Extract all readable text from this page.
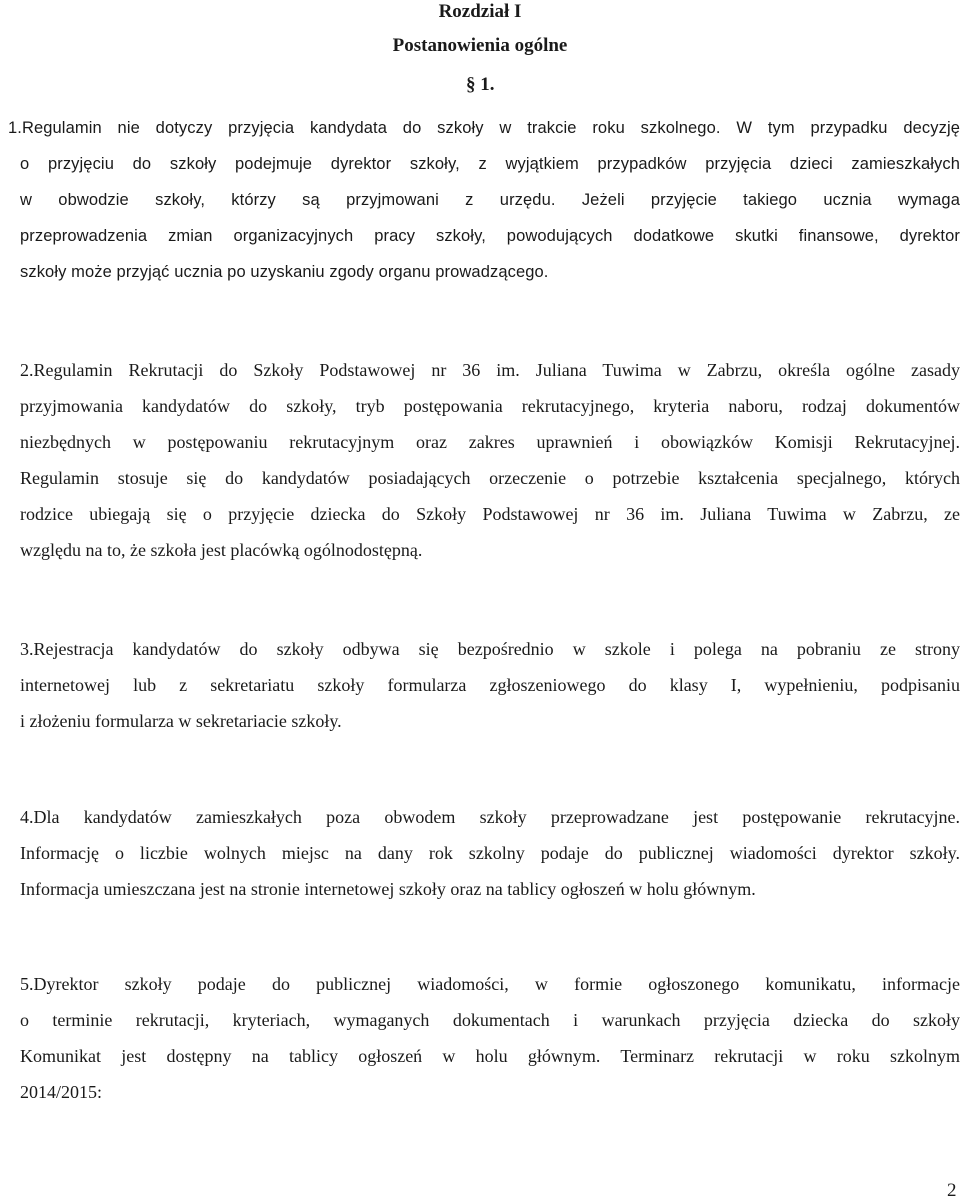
Rozdział I
Postanowienia ogólne
§ 1.
1.Regulamin nie dotyczy przyjęcia kandydata do szkoły w trakcie roku szkolnego. W tym przypadku decyzję
o przyjęciu do szkoły podejmuje dyrektor szkoły, z wyjątkiem przypadków przyjęcia dzieci zamieszkałych
w obwodzie szkoły, którzy są przyjmowani z urzędu. Jeżeli przyjęcie takiego ucznia wymaga
przeprowadzenia zmian organizacyjnych pracy szkoły, powodujących dodatkowe skutki finansowe, dyrektor
szkoły może przyjąć ucznia po uzyskaniu zgody organu prowadzącego.
2.Regulamin Rekrutacji do Szkoły Podstawowej nr 36 im. Juliana Tuwima w Zabrzu, określa ogólne zasady
przyjmowania kandydatów do szkoły, tryb postępowania rekrutacyjnego, kryteria naboru, rodzaj dokumentów
niezbędnych w postępowaniu rekrutacyjnym oraz zakres uprawnień i obowiązków Komisji Rekrutacyjnej.
Regulamin stosuje się do kandydatów posiadających orzeczenie o potrzebie kształcenia specjalnego, których
rodzice ubiegają się o przyjęcie dziecka do Szkoły Podstawowej nr 36 im. Juliana Tuwima w Zabrzu, ze
względu na to, że szkoła jest placówką ogólnodostępną.
3.Rejestracja kandydatów do szkoły odbywa się bezpośrednio w szkole i polega na pobraniu ze strony
internetowej lub z sekretariatu szkoły formularza zgłoszeniowego do klasy I, wypełnieniu, podpisaniu
i złożeniu formularza w sekretariacie szkoły.
4.Dla kandydatów zamieszkałych poza obwodem szkoły przeprowadzane jest postępowanie rekrutacyjne.
Informację o liczbie wolnych miejsc na dany rok szkolny podaje do publicznej wiadomości dyrektor szkoły.
Informacja umieszczana jest na stronie internetowej szkoły oraz na tablicy ogłoszeń w holu głównym.
5.Dyrektor szkoły podaje do publicznej wiadomości, w formie ogłoszonego komunikatu, informacje
o terminie rekrutacji, kryteriach, wymaganych dokumentach i warunkach przyjęcia dziecka do szkoły
Komunikat jest dostępny na tablicy ogłoszeń w holu głównym. Terminarz rekrutacji w roku szkolnym
2014/2015:
2
